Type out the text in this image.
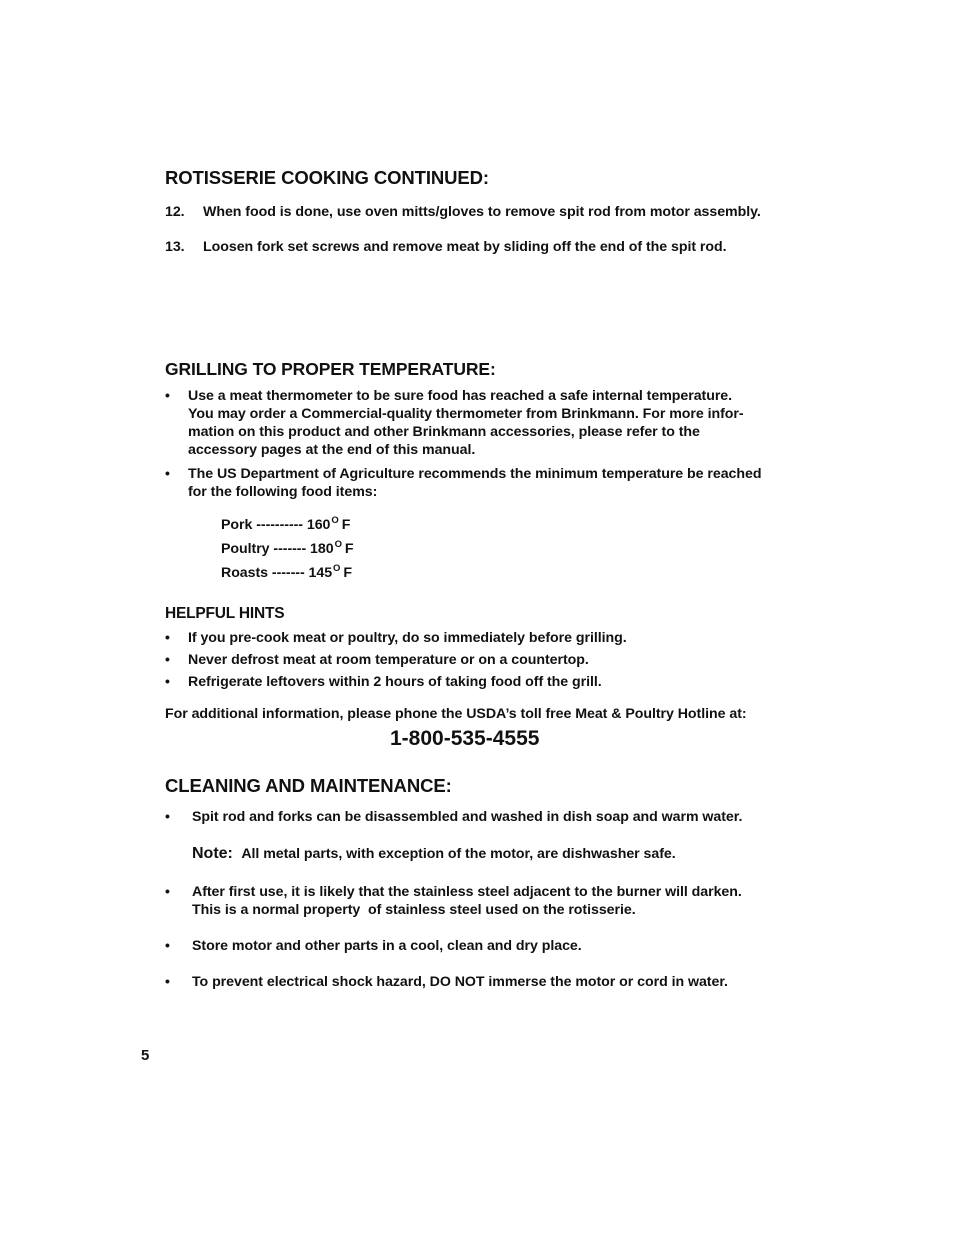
ROTISSERIE COOKING CONTINUED:
12.	When food is done, use oven mitts/gloves to remove spit rod from motor assembly.
13.	Loosen fork set screws and remove meat by sliding off the end of the spit rod.
GRILLING TO PROPER TEMPERATURE:
• Use a meat thermometer to be sure food has reached a safe internal temperature.
You may order a Commercial-quality thermometer from Brinkmann. For more infor-
mation on this product and other Brinkmann accessories, please refer to the
accessory pages at the end of this manual.
• The US Department of Agriculture recommends the minimum temperature be reached
for the following food items:
Pork ---------- $160^O$ F
Poultry ------- $180^O$ F
Roasts ------- $145^O$ F
HELPFUL HINTS
• If you pre-cook meat or poultry, do so immediately before grilling.
• Never defrost meat at room temperature or on a countertop.
• Refrigerate leftovers within 2 hours of taking food off the grill.
For additional information, please phone the USDA’s toll free Meat & Poultry Hotline at:
1-800-535-4555
CLEANING AND MAINTENANCE:
• Spit rod and forks can be disassembled and washed in dish soap and warm water.
Note: All metal parts, with exception of the motor, are dishwasher safe.
• After first use, it is likely that the stainless steel adjacent to the burner will darken.
This is a normal property  of stainless steel used on the rotisserie.
• Store motor and other parts in a cool, clean and dry place.
• To prevent electrical shock hazard, DO NOT immerse the motor or cord in water.
5
